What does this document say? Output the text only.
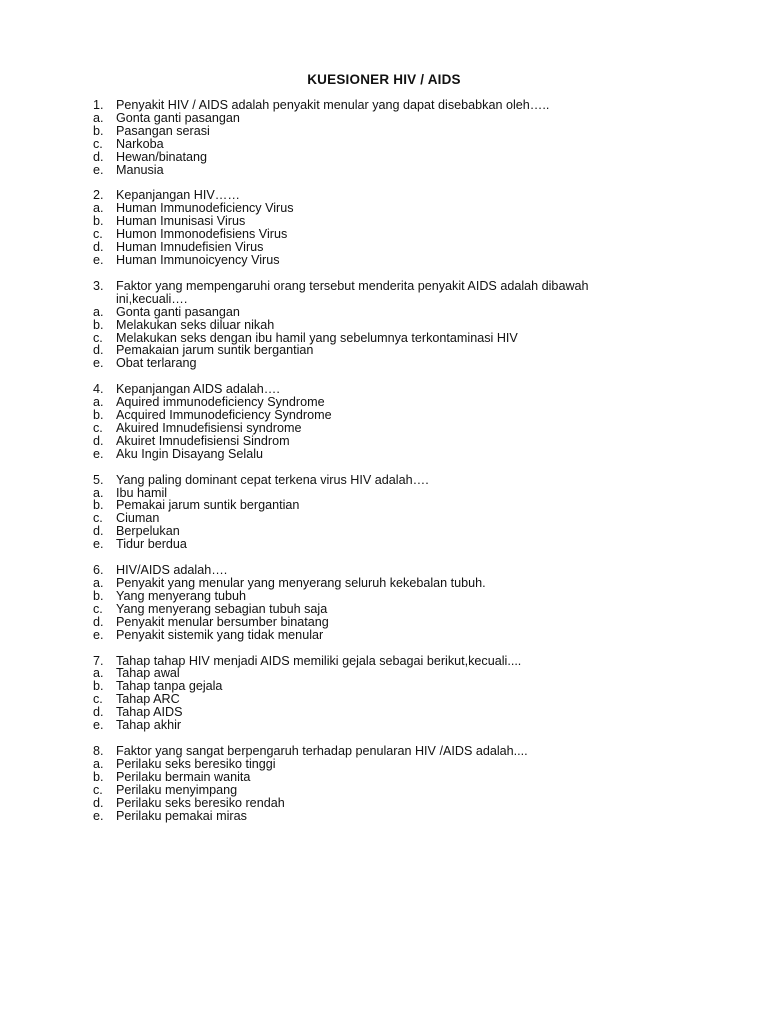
KUESIONER HIV / AIDS
1. Penyakit HIV / AIDS adalah penyakit menular yang dapat disebabkan oleh…..
a. Gonta ganti pasangan
b. Pasangan serasi
c.	Narkoba
d. Hewan/binatang
e. Manusia
2. Kepanjangan HIV……
a. Human Immunodeficiency Virus
b. Human Imunisasi Virus
c.	Humon Immonodefisiens Virus
d. Human Imnudefisien Virus
e. Human Immunoicyency Virus
3. Faktor yang mempengaruhi orang tersebut menderita penyakit AIDS adalah dibawah ini,kecuali….
a. Gonta ganti pasangan
b. Melakukan seks diluar nikah
c.	Melakukan seks dengan ibu hamil yang sebelumnya terkontaminasi HIV
d. Pemakaian jarum suntik bergantian
e. Obat terlarang
4. Kepanjangan AIDS adalah….
a. Aquired immunodeficiency Syndrome
b. Acquired Immunodeficiency Syndrome
c.	Akuired Imnudefisiensi syndrome
d. Akuiret Imnudefisiensi Sindrom
e. Aku Ingin Disayang Selalu
5. Yang paling dominant cepat terkena virus HIV adalah….
a. Ibu hamil
b. Pemakai jarum suntik bergantian
c.	Ciuman
d. Berpelukan
e. Tidur berdua
6. HIV/AIDS adalah….
a. Penyakit yang menular yang menyerang seluruh kekebalan tubuh.
b. Yang menyerang tubuh
c.	Yang menyerang sebagian tubuh saja
d. Penyakit menular bersumber binatang
e. Penyakit sistemik yang tidak menular
7. Tahap tahap HIV menjadi AIDS memiliki gejala sebagai berikut,kecuali....
a. Tahap awal
b. Tahap tanpa gejala
c.	Tahap ARC
d. Tahap AIDS
e. Tahap akhir
8. Faktor yang sangat berpengaruh terhadap penularan HIV /AIDS adalah....
a. Perilaku seks beresiko tinggi
b. Perilaku bermain wanita
c.	Perilaku menyimpang
d. Perilaku seks beresiko rendah
e. Perilaku pemakai miras
